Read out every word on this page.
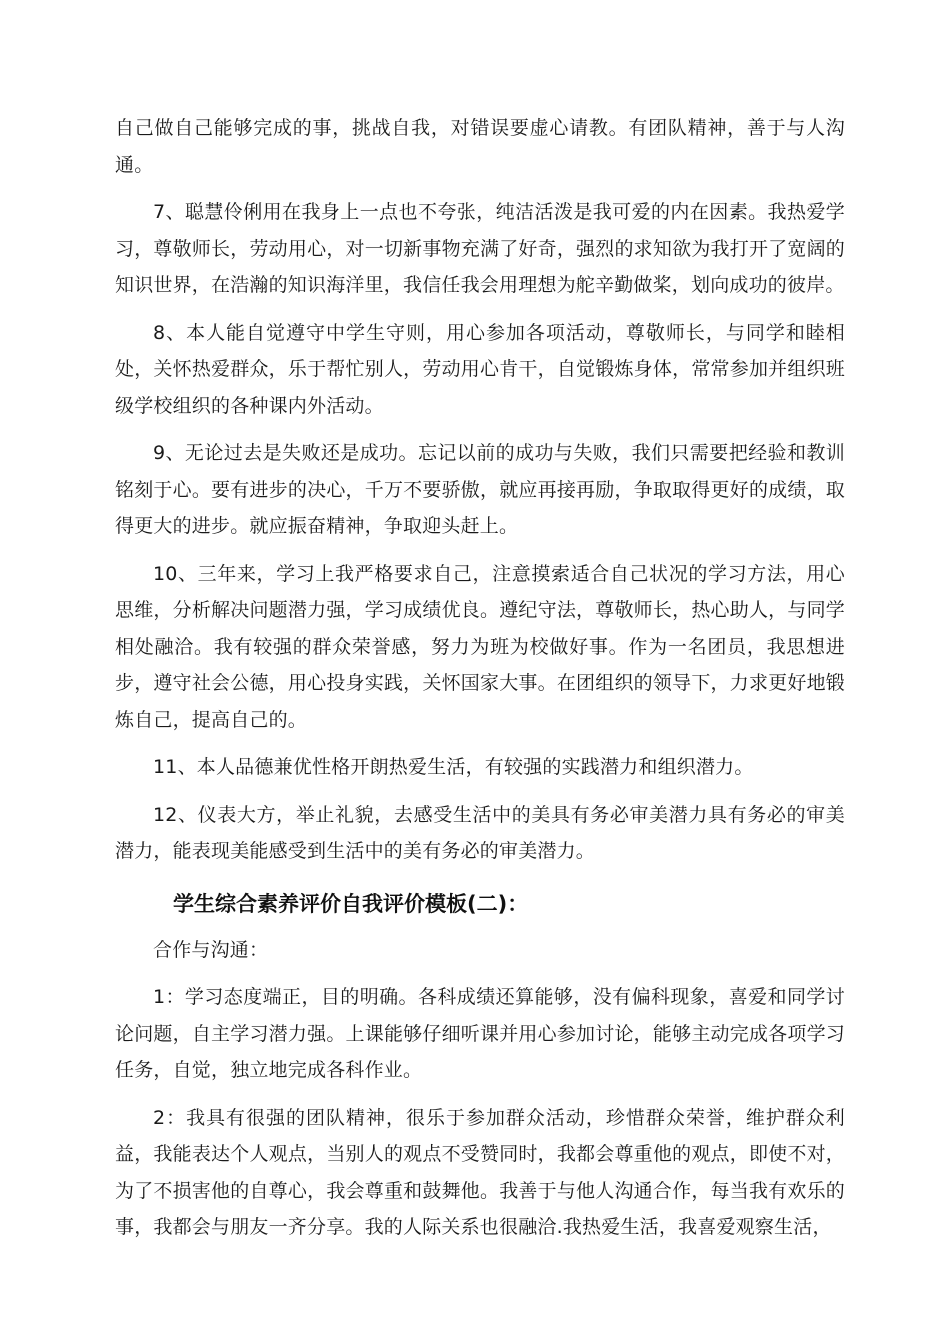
自己做自己能够完成的事，挑战自我，对错误要虚心请教。有团队精神，善于与人沟通。

7、聪慧伶俐用在我身上一点也不夸张，纯洁活泼是我可爱的内在因素。我热爱学习，尊敬师长，劳动用心，对一切新事物充满了好奇，强烈的求知欲为我打开了宽阔的知识世界，在浩瀚的知识海洋里，我信任我会用理想为舵辛勤做桨，划向成功的彼岸。

8、本人能自觉遵守中学生守则，用心参加各项活动，尊敬师长，与同学和睦相处，关怀热爱群众，乐于帮忙别人，劳动用心肯干，自觉锻炼身体，常常参加并组织班级学校组织的各种课内外活动。

9、无论过去是失败还是成功。忘记以前的成功与失败，我们只需要把经验和教训铭刻于心。要有进步的决心，千万不要骄傲，就应再接再励，争取取得更好的成绩，取得更大的进步。就应振奋精神，争取迎头赶上。

10、三年来，学习上我严格要求自己，注意摸索适合自己状况的学习方法，用心思维，分析解决问题潜力强，学习成绩优良。遵纪守法，尊敬师长，热心助人，与同学相处融洽。我有较强的群众荣誉感，努力为班为校做好事。作为一名团员，我思想进步，遵守社会公德，用心投身实践，关怀国家大事。在团组织的领导下，力求更好地锻炼自己，提高自己的。

11、本人品德兼优性格开朗热爱生活，有较强的实践潜力和组织潜力。

12、仪表大方，举止礼貌，去感受生活中的美具有务必审美潜力具有务必的审美潜力，能表现美能感受到生活中的美有务必的审美潜力。

学生综合素养评价自我评价模板(二)：

合作与沟通：

1：学习态度端正，目的明确。各科成绩还算能够，没有偏科现象，喜爱和同学讨论问题，自主学习潜力强。上课能够仔细听课并用心参加讨论，能够主动完成各项学习任务，自觉，独立地完成各科作业。

2：我具有很强的团队精神，很乐于参加群众活动，珍惜群众荣誉，维护群众利益，我能表达个人观点，当别人的观点不受赞同时，我都会尊重他的观点，即使不对，为了不损害他的自尊心，我会尊重和鼓舞他。我善于与他人沟通合作，每当我有欢乐的事，我都会与朋友一齐分享。我的人际关系也很融洽.我热爱生活，我喜爱观察生活，
